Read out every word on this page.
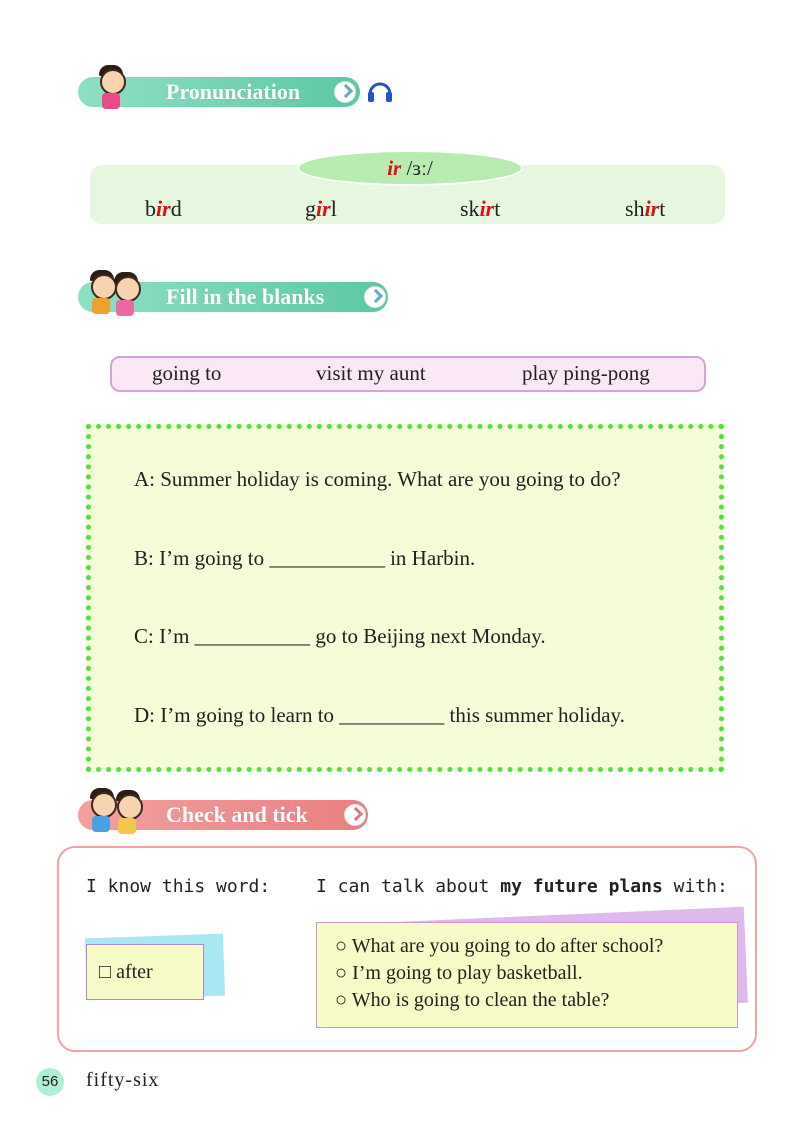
Pronunciation
ir /ɜː/
bird	girl	skirt	shirt
Fill in the blanks
going to	visit my aunt	play ping-pong
A: Summer holiday is coming. What are you going to do?
B: I’m going to ___________ in Harbin.
C: I’m ___________ go to Beijing next Monday.
D: I’m going to learn to __________ this summer holiday.
Check and tick
I know this word:	I can talk about my future plans with:
□ after
○ What are you going to do after school?
○ I’m going to play basketball.
○ Who is going to clean the table?
56 fifty-six
